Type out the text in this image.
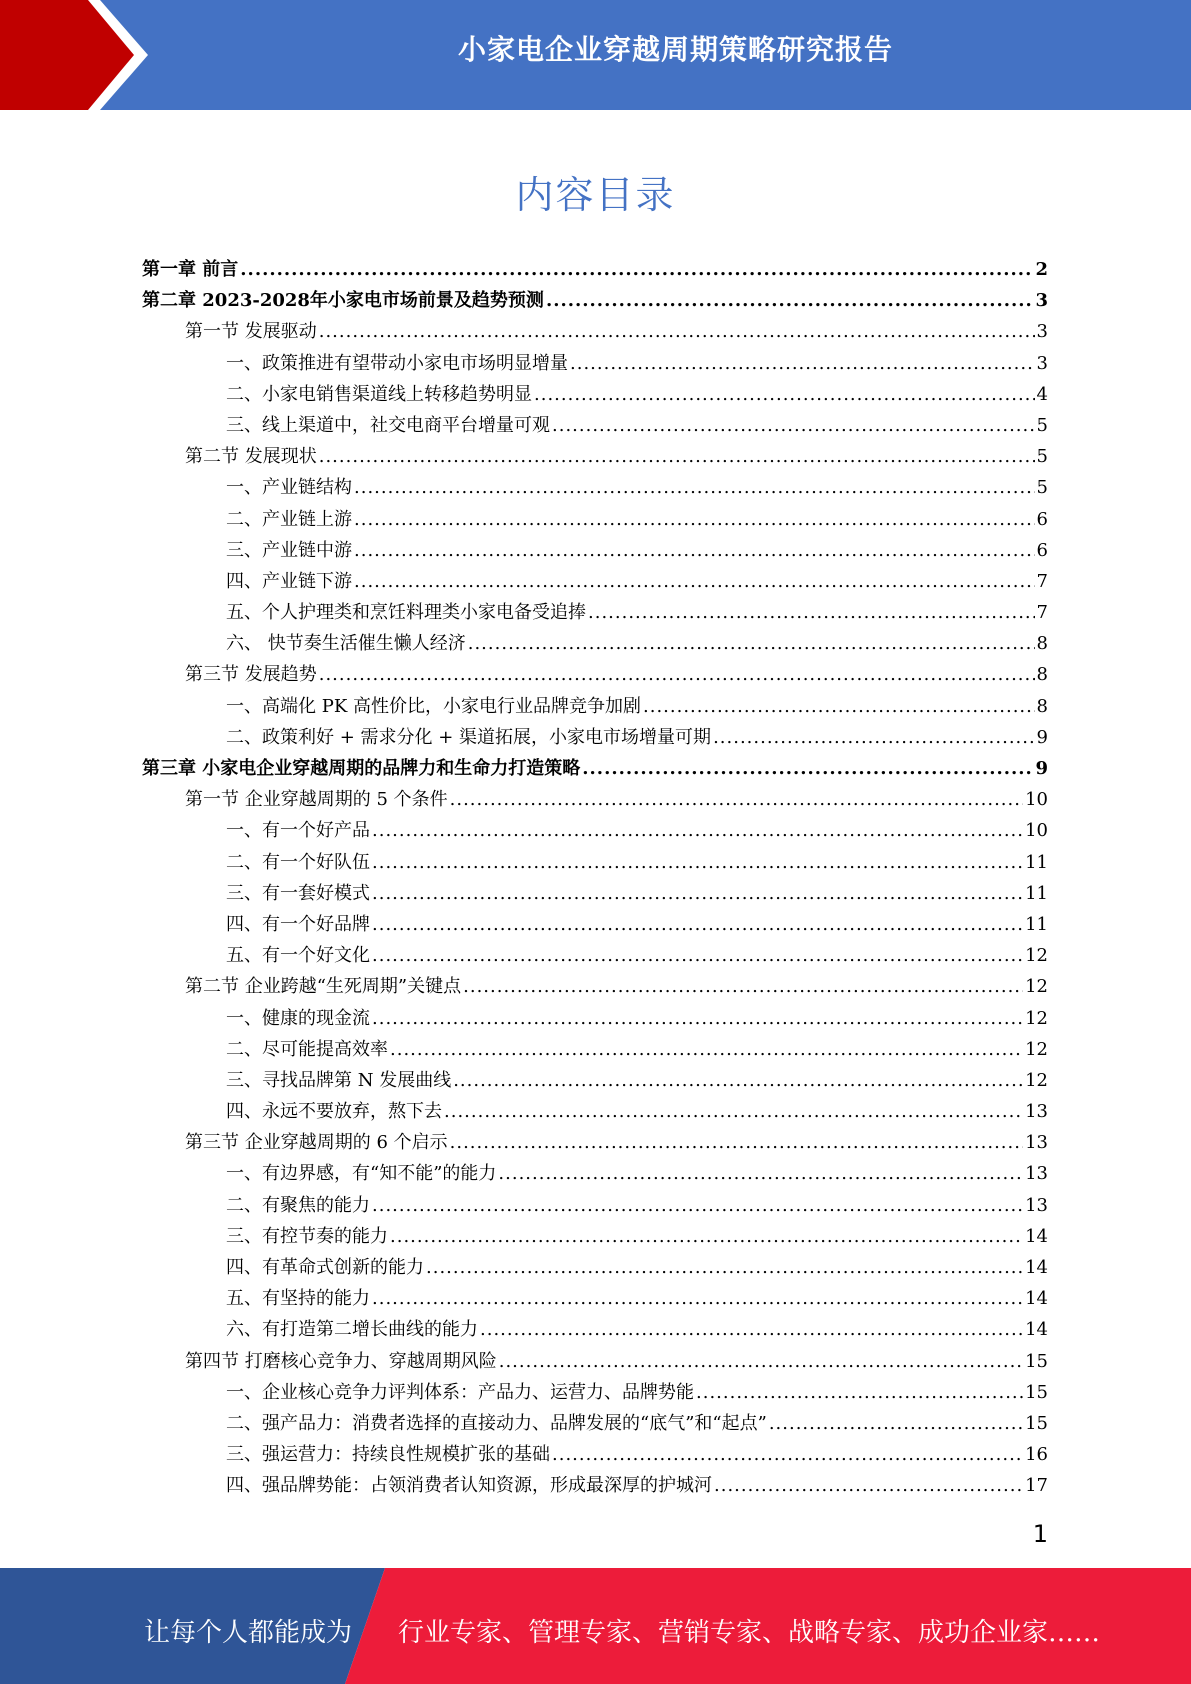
小家电企业穿越周期策略研究报告
内容目录
第一章 前言 .....	2
第二章 2023-2028年小家电市场前景及趋势预测 .....	3
第一节 发展驱动 .....	3
一、政策推进有望带动小家电市场明显增量 .....	3
二、小家电销售渠道线上转移趋势明显 .....	4
三、线上渠道中，社交电商平台增量可观 .....	5
第二节 发展现状 .....	5
一、产业链结构 .....	5
二、产业链上游 .....	6
三、产业链中游 .....	6
四、产业链下游 .....	7
五、个人护理类和烹饪料理类小家电备受追捧 .....	7
六、 快节奏生活催生懒人经济 .....	8
第三节 发展趋势 .....	8
一、高端化 PK 高性价比，小家电行业品牌竞争加剧 .....	8
二、政策利好 + 需求分化 + 渠道拓展，小家电市场增量可期 .....	9
第三章 小家电企业穿越周期的品牌力和生命力打造策略 .....	9
第一节 企业穿越周期的 5 个条件 .....	10
一、有一个好产品 .....	10
二、有一个好队伍 .....	11
三、有一套好模式 .....	11
四、有一个好品牌 .....	11
五、有一个好文化 .....	12
第二节 企业跨越“生死周期”关键点 .....	12
一、健康的现金流 .....	12
二、尽可能提高效率 .....	12
三、寻找品牌第 N 发展曲线 .....	12
四、永远不要放弃，熬下去 .....	13
第三节 企业穿越周期的 6 个启示 .....	13
一、有边界感，有“知不能”的能力 .....	13
二、有聚焦的能力 .....	13
三、有控节奏的能力 .....	14
四、有革命式创新的能力 .....	14
五、有坚持的能力 .....	14
六、有打造第二增长曲线的能力 .....	14
第四节 打磨核心竞争力、穿越周期风险 .....	15
一、企业核心竞争力评判体系：产品力、运营力、品牌势能 .....	15
二、强产品力：消费者选择的直接动力、品牌发展的“底气”和“起点” .....	15
三、强运营力：持续良性规模扩张的基础 .....	16
四、强品牌势能：占领消费者认知资源，形成最深厚的护城河 .....	17
1
让每个人都能成为 行业专家、管理专家、营销专家、战略专家、成功企业家……
